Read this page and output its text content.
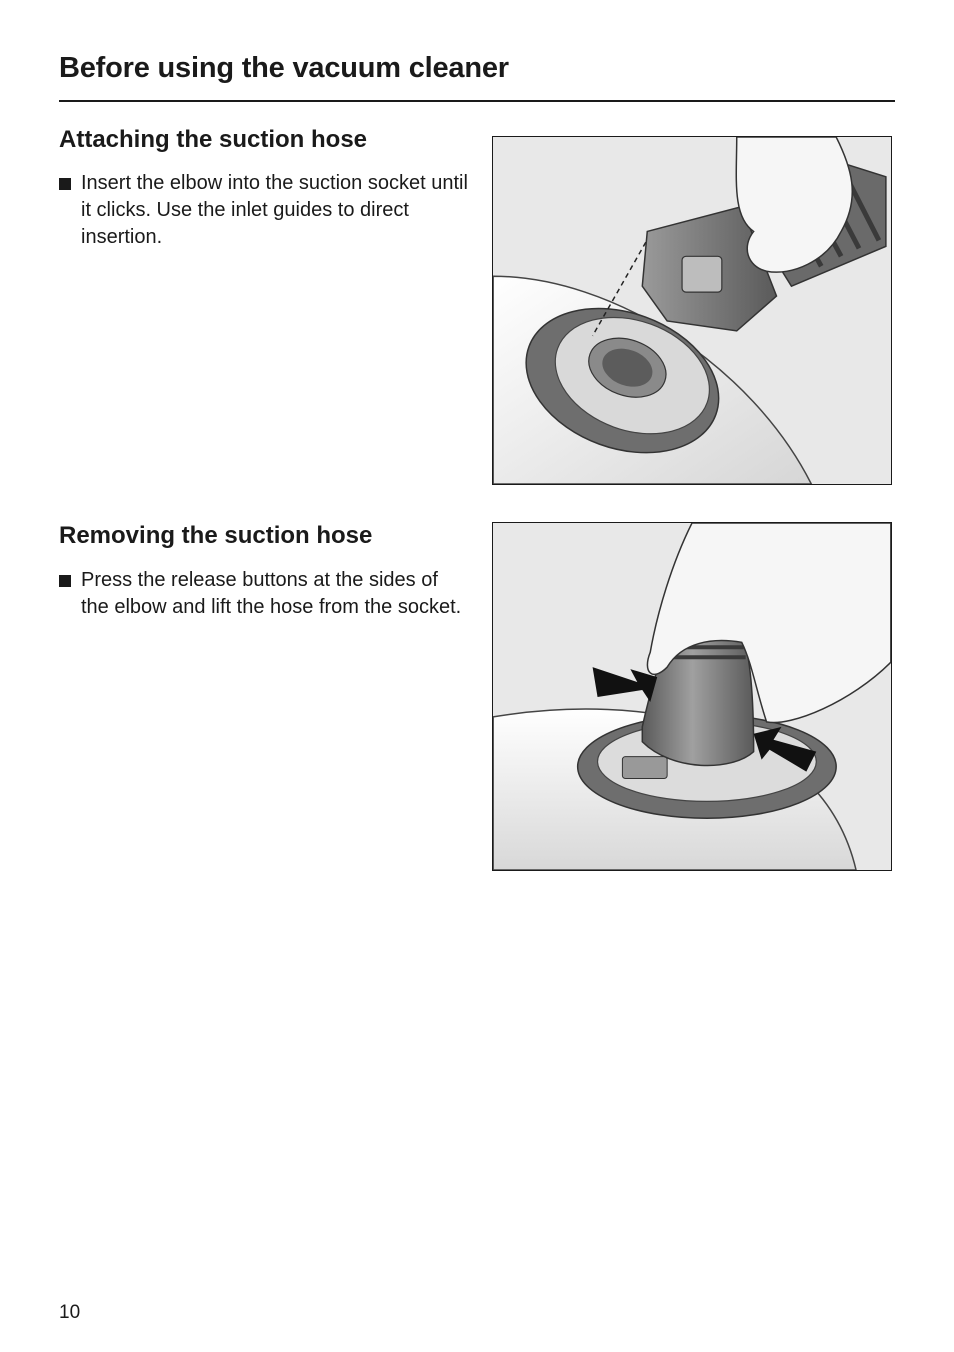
Before using the vacuum cleaner
Attaching the suction hose
Insert the elbow into the suction socket until it clicks. Use the inlet guides to direct insertion.
Removing the suction hose
Press the release buttons at the sides of the elbow and lift the hose from the socket.
10
